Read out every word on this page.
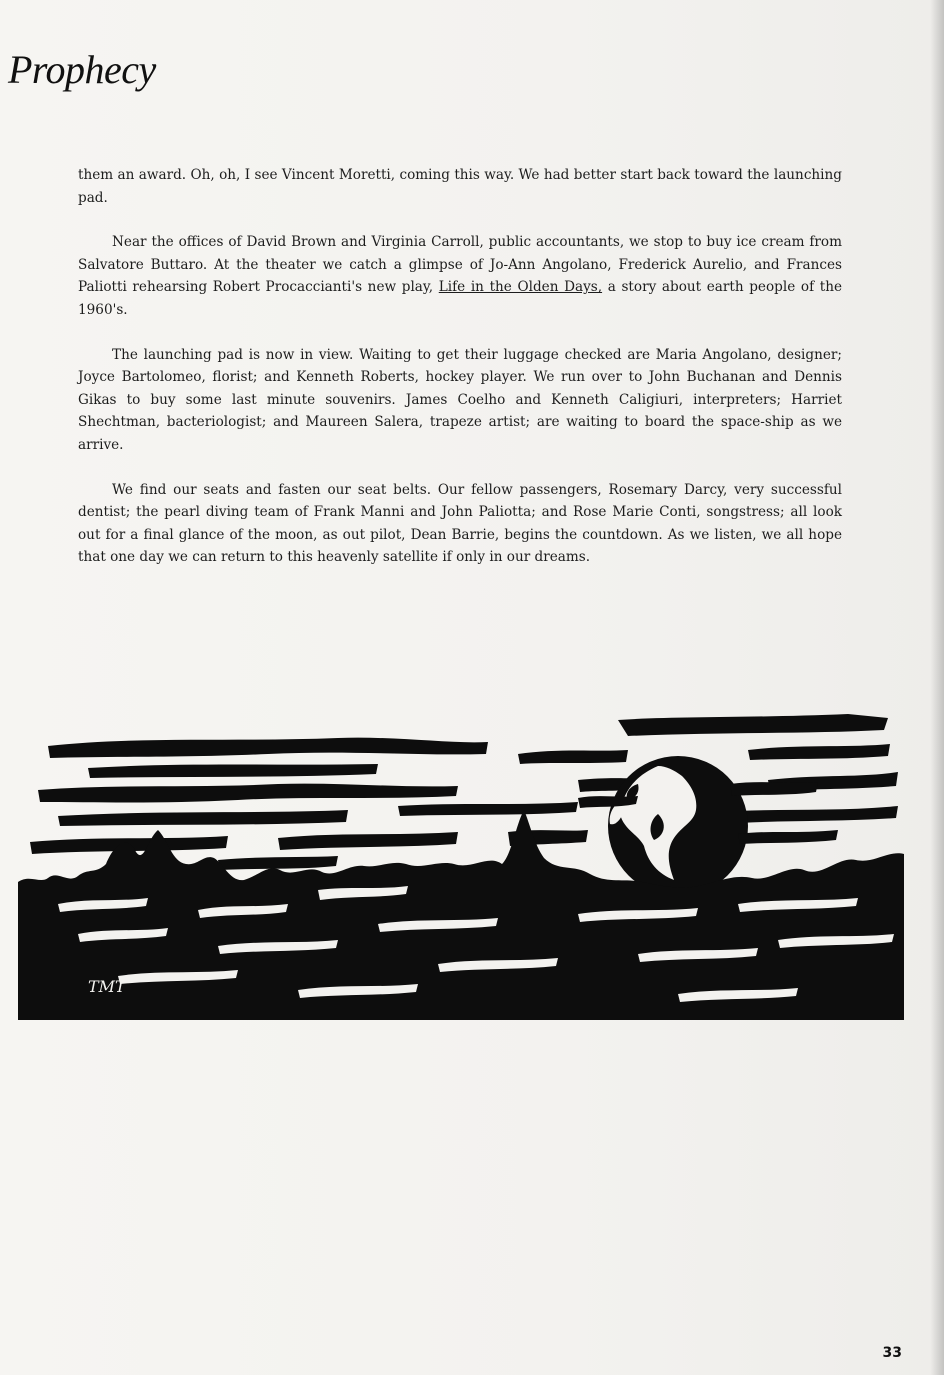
Prophecy

them an award. Oh, oh, I see Vincent Moretti, coming this way. We had better start back toward the launching pad.

Near the offices of David Brown and Virginia Carroll, public accountants, we stop to buy ice cream from Salvatore Buttaro. At the theater we catch a glimpse of Jo-Ann Angolano, Frederick Aurelio, and Frances Paliotti rehearsing Robert Procaccianti's new play, Life in the Olden Days, a story about earth people of the 1960's.

The launching pad is now in view. Waiting to get their luggage checked are Maria Angolano, designer; Joyce Bartolomeo, florist; and Kenneth Roberts, hockey player. We run over to John Buchanan and Dennis Gikas to buy some last minute souvenirs. James Coelho and Kenneth Caligiuri, interpreters; Harriet Shechtman, bacteriologist; and Maureen Salera, trapeze artist; are waiting to board the space-ship as we arrive.

We find our seats and fasten our seat belts. Our fellow passengers, Rosemary Darcy, very successful dentist; the pearl diving team of Frank Manni and John Paliotta; and Rose Marie Conti, songstress; all look out for a final glance of the moon, as out pilot, Dean Barrie, begins the countdown. As we listen, we all hope that one day we can return to this heavenly satellite if only in our dreams.

TMT
33
